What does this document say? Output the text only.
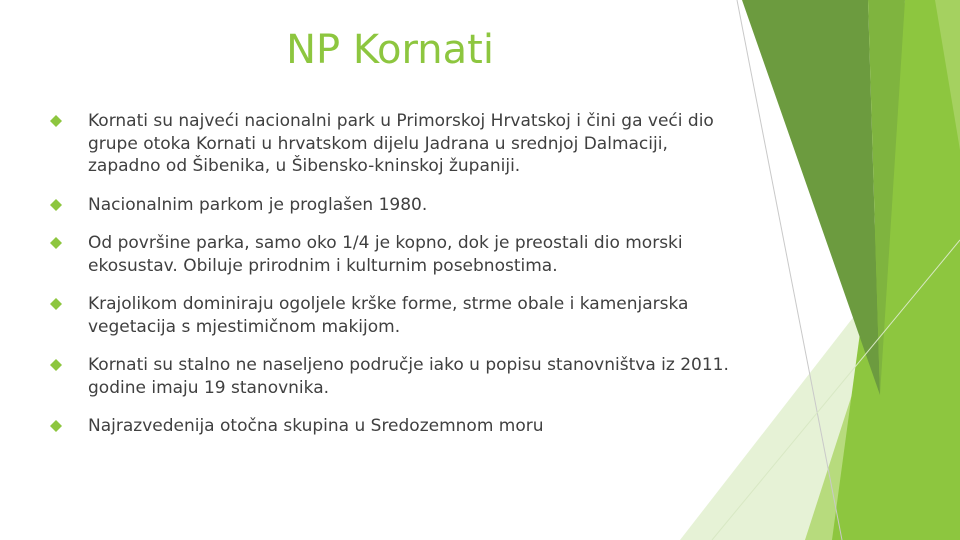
NP Kornati
Kornati su najveći nacionalni park u Primorskoj Hrvatskoj i čini ga veći dio grupe otoka Kornati u hrvatskom dijelu Jadrana u srednjoj Dalmaciji, zapadno od Šibenika, u Šibensko-kninskoj županiji.
Nacionalnim parkom je proglašen 1980.
Od površine parka, samo oko 1/4 je kopno, dok je preostali dio morski ekosustav. Obiluje prirodnim i kulturnim posebnostima.
Krajolikom dominiraju ogoljele krške forme, strme obale i kamenjarska vegetacija s mjestimičnom makijom.
Kornati su stalno ne naseljeno područje iako u popisu stanovništva iz 2011. godine imaju 19 stanovnika.
Najrazvedenija otočna skupina u Sredozemnom moru
